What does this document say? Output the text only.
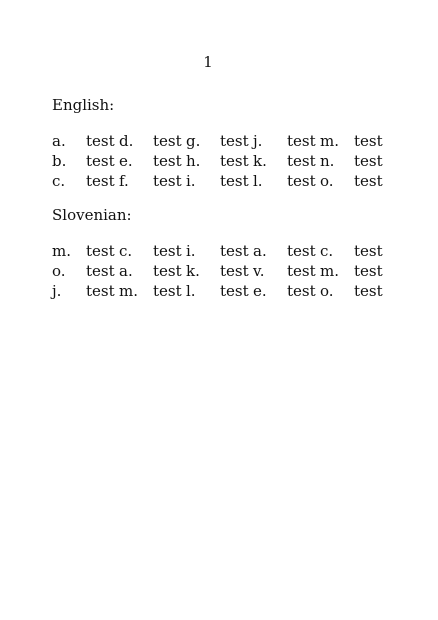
1
English:
a.	test d.	test g.	test j.	test m.	test
b.	test e.	test h.	test k.	test n.	test
c.	test f.	test i.	test l.	test o.	test
Slovenian:
m.	test c.	test i.	test a.	test c.	test
o.	test a.	test k.	test v.	test m.	test
j.	test m.	test l.	test e.	test o.	test
